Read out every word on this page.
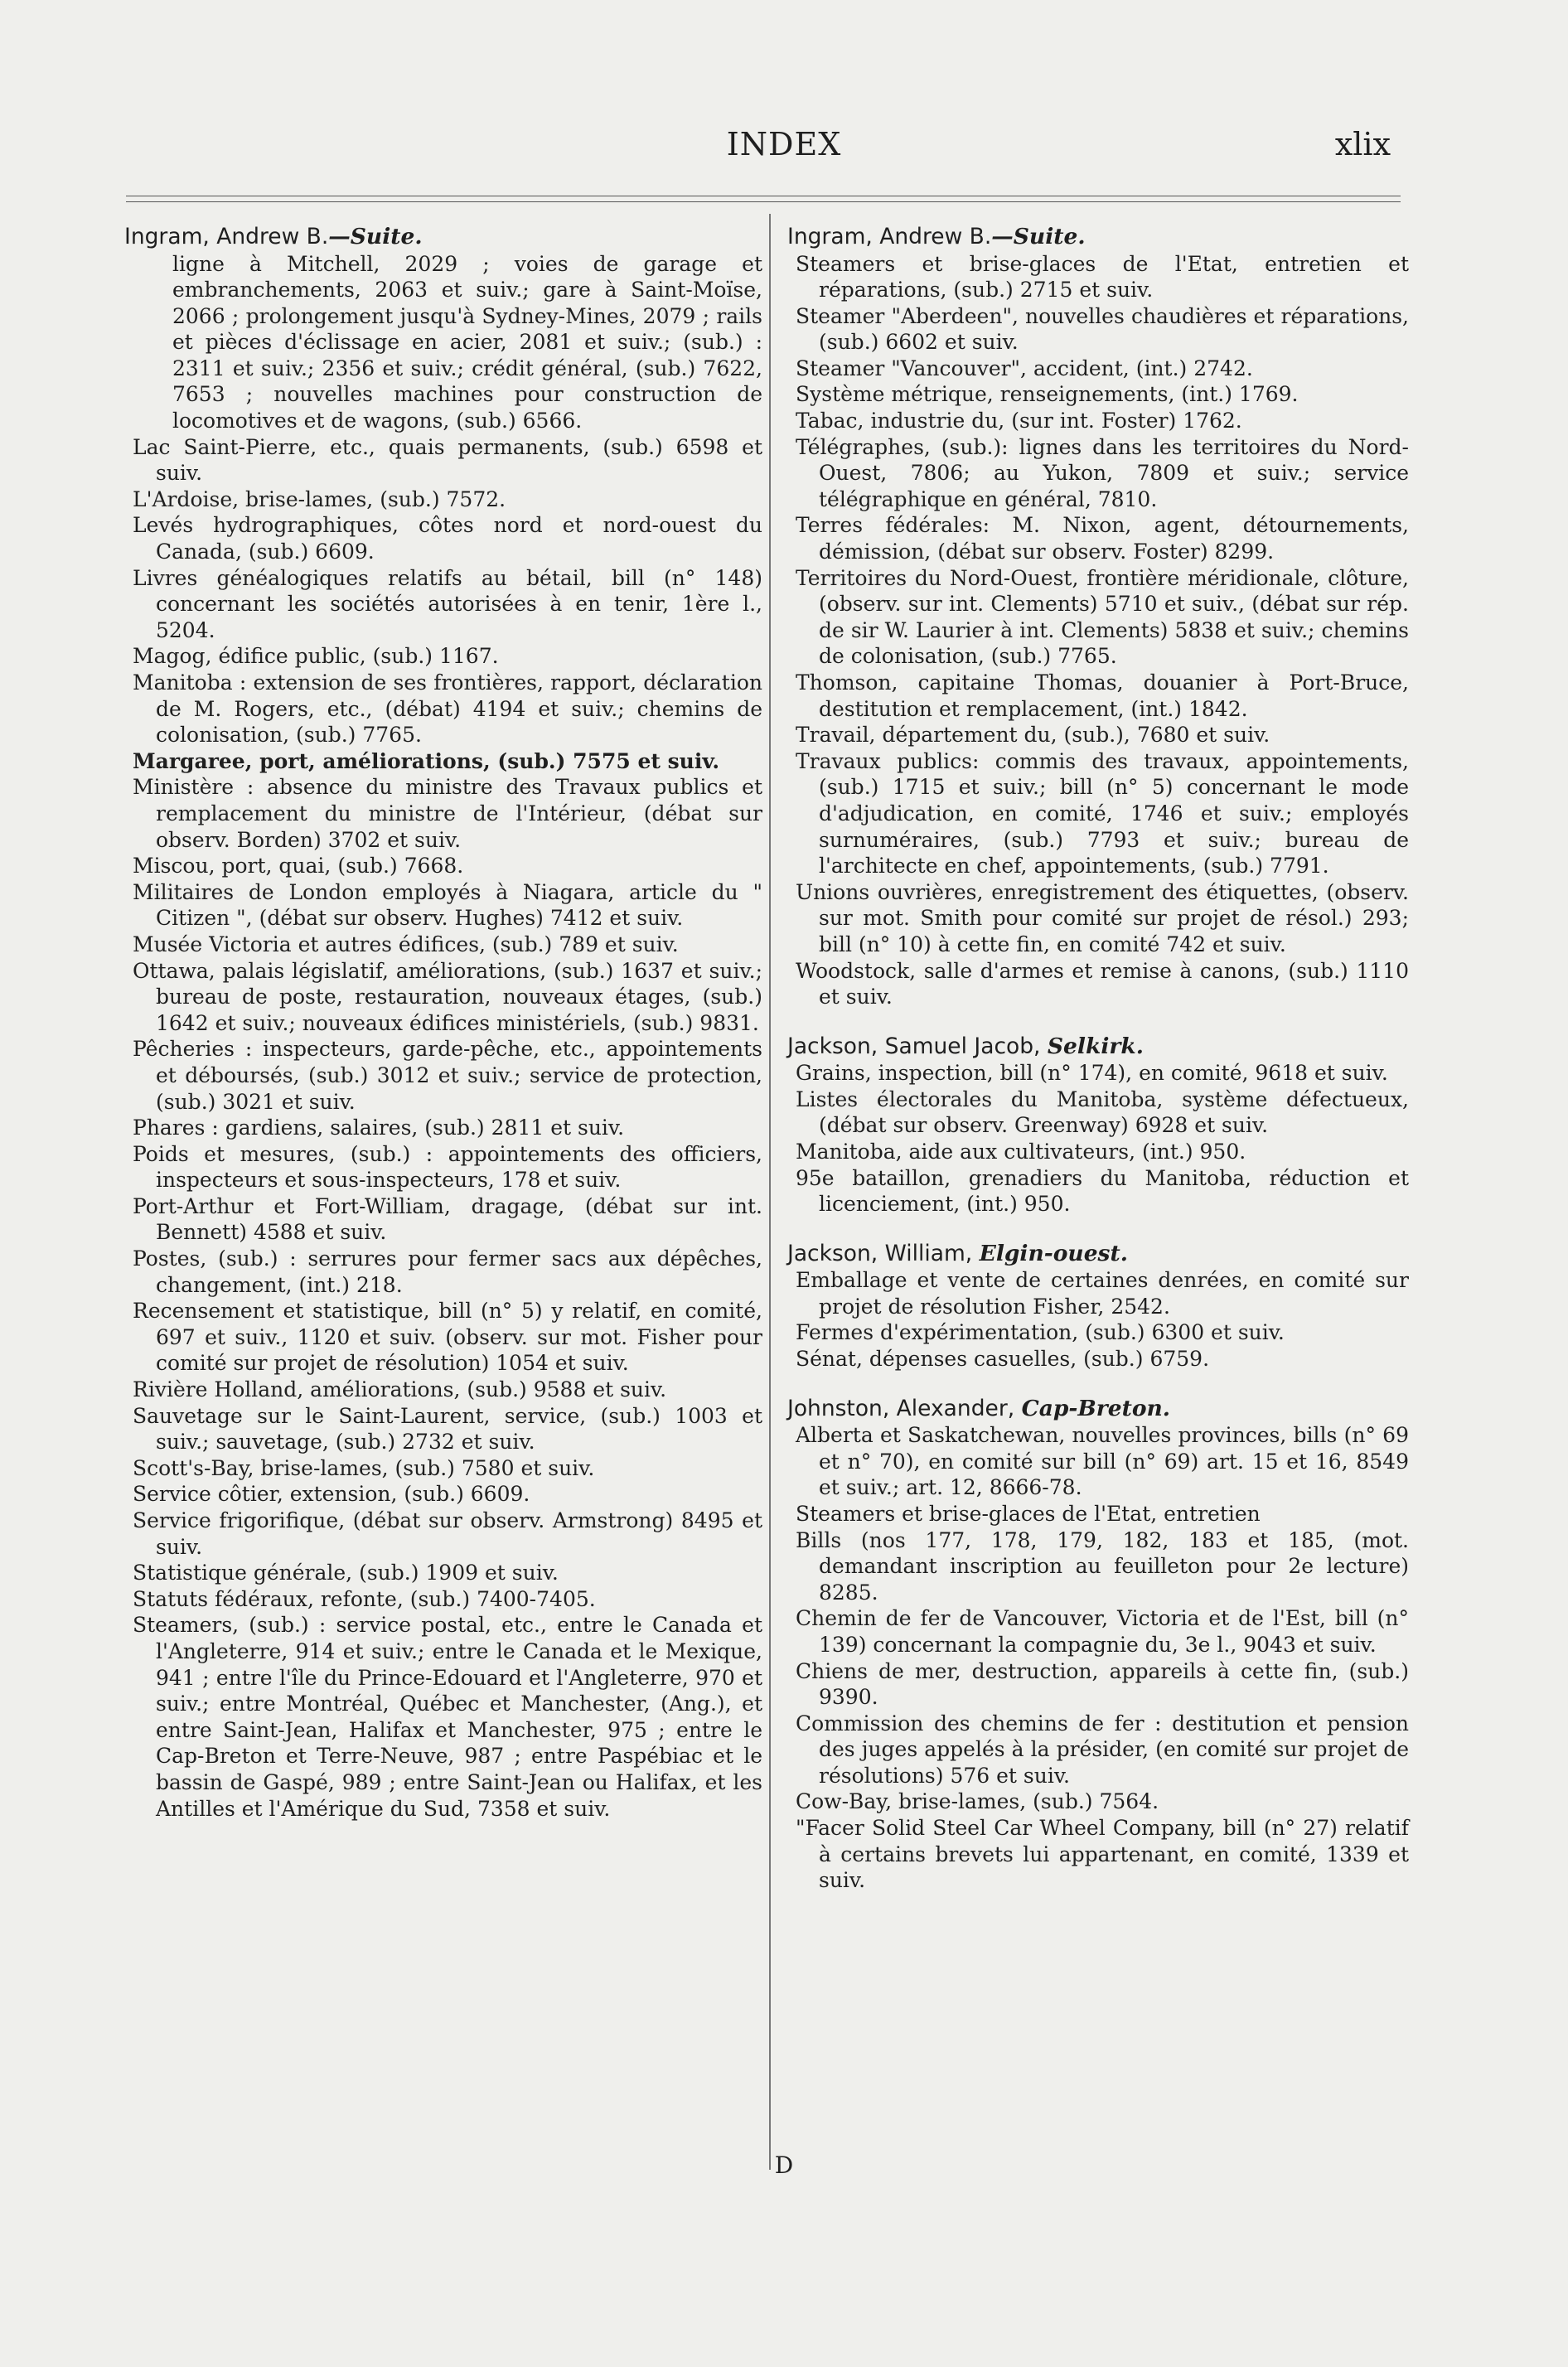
INDEX	xlix

Ingram, Andrew B.—Suite.

ligne à Mitchell, 2029 ; voies de garage et embranchements, 2063 et suiv.; gare à Saint-Moïse, 2066 ; prolongement jusqu'à Sydney-Mines, 2079 ; rails et pièces d'éclissage en acier, 2081 et suiv.; (sub.) : 2311 et suiv.; 2356 et suiv.; crédit général, (sub.) 7622, 7653 ; nouvelles machines pour construction de locomotives et de wagons, (sub.) 6566.

Lac Saint-Pierre, etc., quais permanents, (sub.) 6598 et suiv.

L'Ardoise, brise-lames, (sub.) 7572.

Levés hydrographiques, côtes nord et nord-ouest du Canada, (sub.) 6609.

Livres généalogiques relatifs au bétail, bill (n° 148) concernant les sociétés autorisées à en tenir, 1ère l., 5204.

Magog, édifice public, (sub.) 1167.

Manitoba : extension de ses frontières, rapport, déclaration de M. Rogers, etc., (débat) 4194 et suiv.; chemins de colonisation, (sub.) 7765.

Margaree, port, améliorations, (sub.) 7575 et suiv.

Ministère : absence du ministre des Travaux publics et remplacement du ministre de l'Intérieur, (débat sur observ. Borden) 3702 et suiv.

Miscou, port, quai, (sub.) 7668.

Militaires de London employés à Niagara, article du " Citizen ", (débat sur observ. Hughes) 7412 et suiv.

Musée Victoria et autres édifices, (sub.) 789 et suiv.

Ottawa, palais législatif, améliorations, (sub.) 1637 et suiv.; bureau de poste, restauration, nouveaux étages, (sub.) 1642 et suiv.; nouveaux édifices ministériels, (sub.) 9831.

Pêcheries : inspecteurs, garde-pêche, etc., appointements et déboursés, (sub.) 3012 et suiv.; service de protection, (sub.) 3021 et suiv.

Phares : gardiens, salaires, (sub.) 2811 et suiv.

Poids et mesures, (sub.) : appointements des officiers, inspecteurs et sous-inspecteurs, 178 et suiv.

Port-Arthur et Fort-William, dragage, (débat sur int. Bennett) 4588 et suiv.

Postes, (sub.) : serrures pour fermer sacs aux dépêches, changement, (int.) 218.

Recensement et statistique, bill (n° 5) y relatif, en comité, 697 et suiv., 1120 et suiv. (observ. sur mot. Fisher pour comité sur projet de résolution) 1054 et suiv.

Rivière Holland, améliorations, (sub.) 9588 et suiv.

Sauvetage sur le Saint-Laurent, service, (sub.) 1003 et suiv.; sauvetage, (sub.) 2732 et suiv.

Scott's-Bay, brise-lames, (sub.) 7580 et suiv.

Service côtier, extension, (sub.) 6609.

Service frigorifique, (débat sur observ. Armstrong) 8495 et suiv.

Statistique générale, (sub.) 1909 et suiv.

Statuts fédéraux, refonte, (sub.) 7400-7405.

Steamers, (sub.) : service postal, etc., entre le Canada et l'Angleterre, 914 et suiv.; entre le Canada et le Mexique, 941 ; entre l'île du Prince-Edouard et l'Angleterre, 970 et suiv.; entre Montréal, Québec et Manchester, (Ang.), et entre Saint-Jean, Halifax et Manchester, 975 ; entre le Cap-Breton et Terre-Neuve, 987 ; entre Paspébiac et le bassin de Gaspé, 989 ; entre Saint-Jean ou Halifax, et les Antilles et l'Amérique du Sud, 7358 et suiv.

Ingram, Andrew B.—Suite.

Steamers et brise-glaces de l'Etat, entretien et réparations, (sub.) 2715 et suiv.

Steamer "Aberdeen", nouvelles chaudières et réparations, (sub.) 6602 et suiv.

Steamer "Vancouver", accident, (int.) 2742.

Système métrique, renseignements, (int.) 1769.

Tabac, industrie du, (sur int. Foster) 1762.

Télégraphes, (sub.): lignes dans les territoires du Nord-Ouest, 7806; au Yukon, 7809 et suiv.; service télégraphique en général, 7810.

Terres fédérales: M. Nixon, agent, détournements, démission, (débat sur observ. Foster) 8299.

Territoires du Nord-Ouest, frontière méridionale, clôture, (observ. sur int. Clements) 5710 et suiv., (débat sur rép. de sir W. Laurier à int. Clements) 5838 et suiv.; chemins de colonisation, (sub.) 7765.

Thomson, capitaine Thomas, douanier à Port-Bruce, destitution et remplacement, (int.) 1842.

Travail, département du, (sub.), 7680 et suiv.

Travaux publics: commis des travaux, appointements, (sub.) 1715 et suiv.; bill (n° 5) concernant le mode d'adjudication, en comité, 1746 et suiv.; employés surnuméraires, (sub.) 7793 et suiv.; bureau de l'architecte en chef, appointements, (sub.) 7791.

Unions ouvrières, enregistrement des étiquettes, (observ. sur mot. Smith pour comité sur projet de résol.) 293; bill (n° 10) à cette fin, en comité 742 et suiv.

Woodstock, salle d'armes et remise à canons, (sub.) 1110 et suiv.

Jackson, Samuel Jacob, Selkirk.

Grains, inspection, bill (n° 174), en comité, 9618 et suiv.

Listes électorales du Manitoba, système défectueux, (débat sur observ. Greenway) 6928 et suiv.

Manitoba, aide aux cultivateurs, (int.) 950.

95e bataillon, grenadiers du Manitoba, réduction et licenciement, (int.) 950.

Jackson, William, Elgin-ouest.

Emballage et vente de certaines denrées, en comité sur projet de résolution Fisher, 2542.

Fermes d'expérimentation, (sub.) 6300 et suiv.

Sénat, dépenses casuelles, (sub.) 6759.

Johnston, Alexander, Cap-Breton.

Alberta et Saskatchewan, nouvelles provinces, bills (n° 69 et n° 70), en comité sur bill (n° 69) art. 15 et 16, 8549 et suiv.; art. 12, 8666-78.

Steamers et brise-glaces de l'Etat, entretien

Bills (nos 177, 178, 179, 182, 183 et 185, (mot. demandant inscription au feuilleton pour 2e lecture) 8285.

Chemin de fer de Vancouver, Victoria et de l'Est, bill (n° 139) concernant la compagnie du, 3e l., 9043 et suiv.

Chiens de mer, destruction, appareils à cette fin, (sub.) 9390.

Commission des chemins de fer : destitution et pension des juges appelés à la présider, (en comité sur projet de résolutions) 576 et suiv.

Cow-Bay, brise-lames, (sub.) 7564.

"Facer Solid Steel Car Wheel Company, bill (n° 27) relatif à certains brevets lui appartenant, en comité, 1339 et suiv.

D
